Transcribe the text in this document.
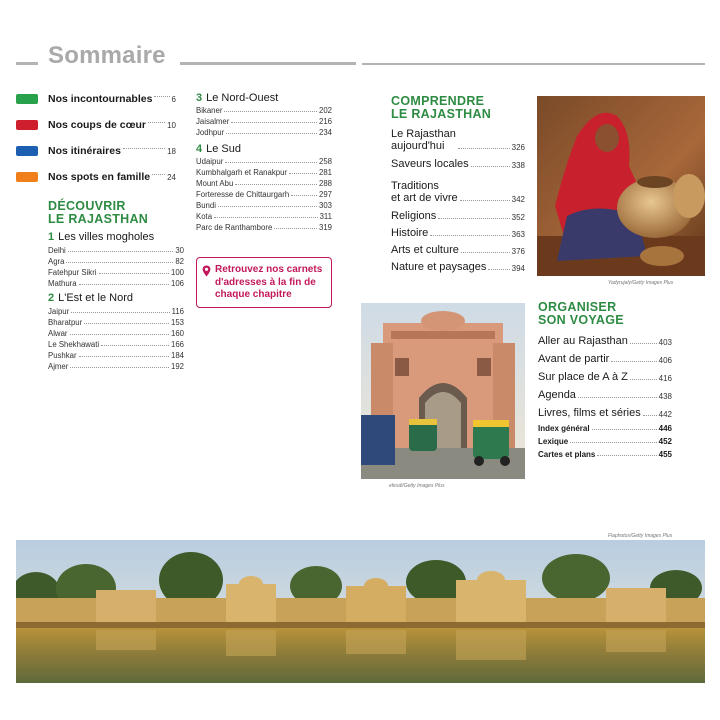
Sommaire
Nos incontournables 6
Nos coups de cœur	10
Nos itinéraires	18
Nos spots en famille 24
DÉCOUVRIR
LE RAJASTHAN
1 Les villes mogholes
Delhi	30
Agra	82
Fatehpur Sikri	100
Mathura	106
2 L'Est et le Nord
Jaipur	116
Bharatpur	153
Alwar	160
Le Shekhawati	166
Pushkar	184
Ajmer	192
3 Le Nord-Ouest
Bikaner	202
Jaisalmer	216
Jodhpur	234
4 Le Sud
Udaipur	258
Kumbhalgarh et Ranakpur	281
Mount Abu	288
Forteresse de Chittaurgarh	297
Bundi	303
Kota	311
Parc de Ranthambore	319
Retrouvez nos carnets d'adresses à la fin de chaque chapitre
COMPRENDRE
LE RAJASTHAN
Le Rajasthan
aujourd'hui	326
Saveurs locales	338
Traditions
et art de vivre	342
Religions	352
Histoire	363
Arts et culture	376
Nature et paysages	394
Yadyrujaly/Getty Images Plus
efesdi/Getty Images Plus
ORGANISER
SON VOYAGE
Aller au Rajasthan	403
Avant de partir	406
Sur place de A à Z	416
Agenda	438
Livres, films et séries 442
Index général	446
Lexique	452
Cartes et plans	455
Flaphotos/Getty Images Plus
